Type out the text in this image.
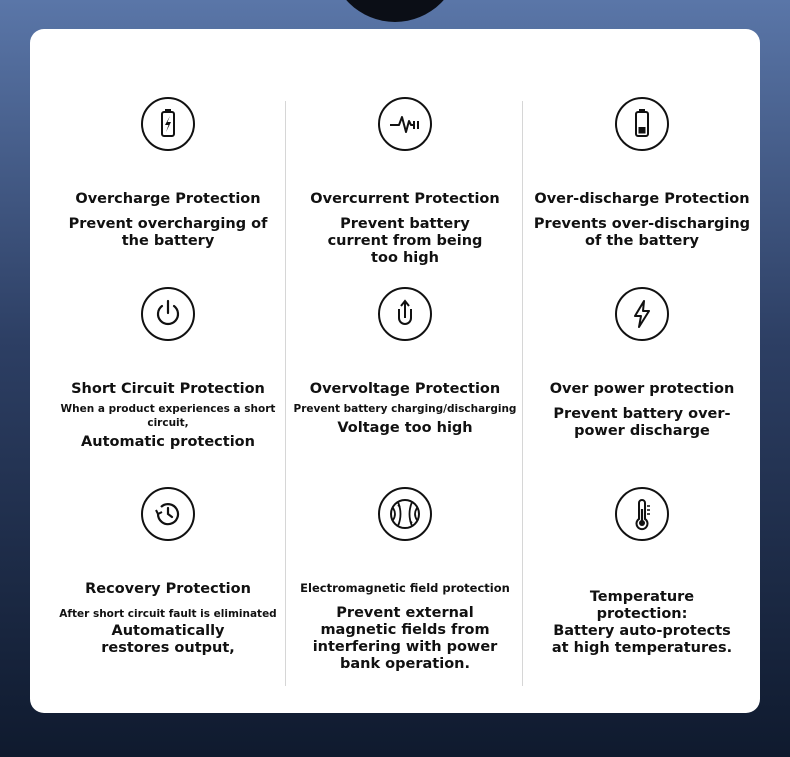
Overcharge Protection
Prevent overcharging of the battery
Overcurrent Protection
Prevent battery current from being too high
Over-discharge Protection
Prevents over-discharging of the battery
Short Circuit Protection
When a product experiences a short circuit,
Automatic protection
Overvoltage Protection
Prevent battery charging/discharging
Voltage too high
Over power protection
Prevent battery over-power discharge
Recovery Protection
After short circuit fault is eliminated
Automatically restores output,
Electromagnetic field protection
Prevent external magnetic fields from interfering with power bank operation.
Temperature protection:
Battery auto-protects at high temperatures.
